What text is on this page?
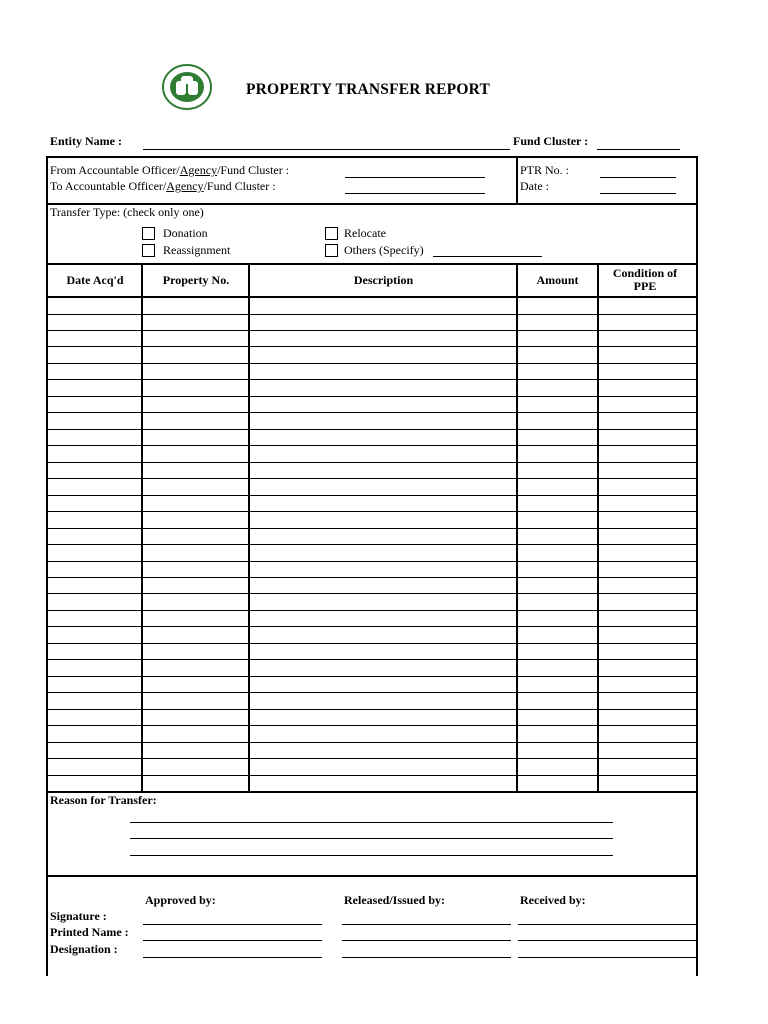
PROPERTY TRANSFER REPORT
Entity Name :	Fund Cluster :
From Accountable Officer/Agency/Fund Cluster :
To Accountable Officer/Agency/Fund Cluster :
PTR No. :
Date :
Transfer Type: (check only one)
Donation
Reassignment
Relocate
Others (Specify)
Date Acq'd	Property No.	Description	Amount	Condition of PPE
Reason for Transfer:
Approved by:	Released/Issued by:	Received by:
Signature :
Printed Name :
Designation :
